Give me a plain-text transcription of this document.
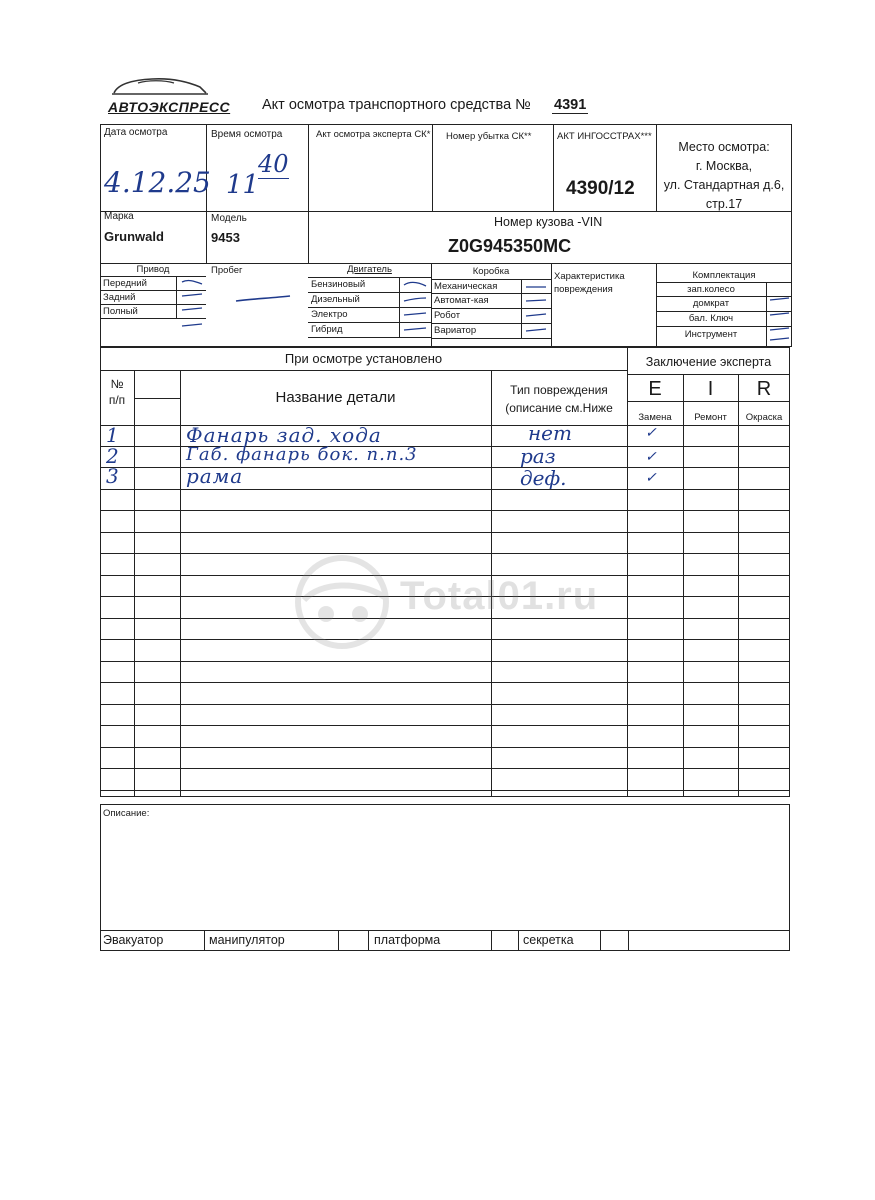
АВТОЭКСПРЕСС Акт осмотра транспортного средства № 4391
Дата осмотра
4.12.25
Время осмотра
11
40
Акт осмотра эксперта СК* Номер убытка СК**	АКТ ИНГОССТРАХ***
4390/12
Место осмотра:
г. Москва,
ул. Стандартная д.6,
стр.17
Марка
Grunwald
Модель
9453
Номер кузова -VIN
Z0G945350MC
Привод
Передний
Задний
Полный
Пробег	Двигатель
Бензиновый
Дизельный
Электро
Гибрид
Коробка
Механическая
Автомат-кая
Робот
Вариатор
Характеристика
повреждения
Комплектация
зап.колесо
домкрат
бал. Ключ
Инструмент
При осмотре установлено	Заключение эксперта
№
п/п	Название детали	Тип повреждения
(описание см.Ниже
E	I	R
Замена	Ремонт	Окраска
1	Фанарь зад. хода	нет	✓
2	Габ. фанарь бок. п.п.3	раз	✓
3	рама	деф.	✓
Описание:
Эвакуатор	манипулятор	платформа	секретка
Total01.ru
